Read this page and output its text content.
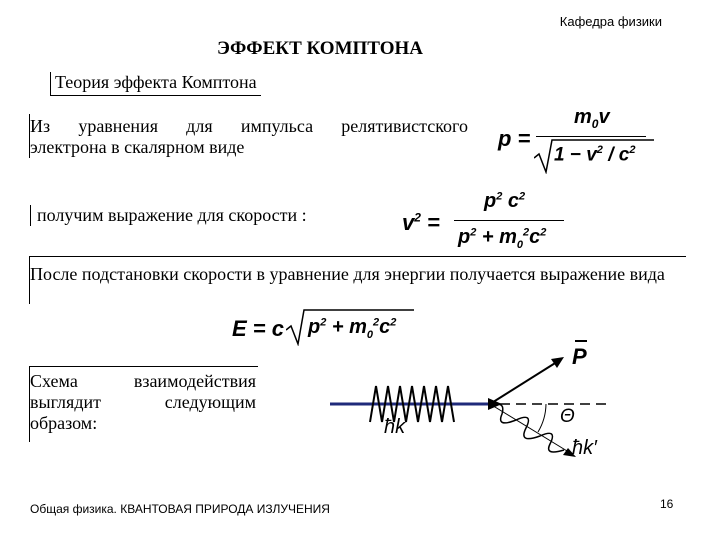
Кафедра физики
ЭФФЕКТ КОМПТОНА
Теория эффекта Комптона
Из уравнения для импульса релятивистского
электрона в скалярном виде	p =
$m_0v$
$1 - v^2 / c^2$
получим выражение для скорости :	$v^2$ =
$p^2$ $c^2$
$p^2 + m_0^2c^2$
После подстановки скорости в уравнение для энергии получается выражение вида
E = c $p^2 + m_0^2c^2$
Схема взаимодействия выглядит следующим образом:	ħk
ħk′
P
Θ
Общая физика. КВАНТОВАЯ ПРИРОДА ИЗЛУЧЕНИЯ	16
